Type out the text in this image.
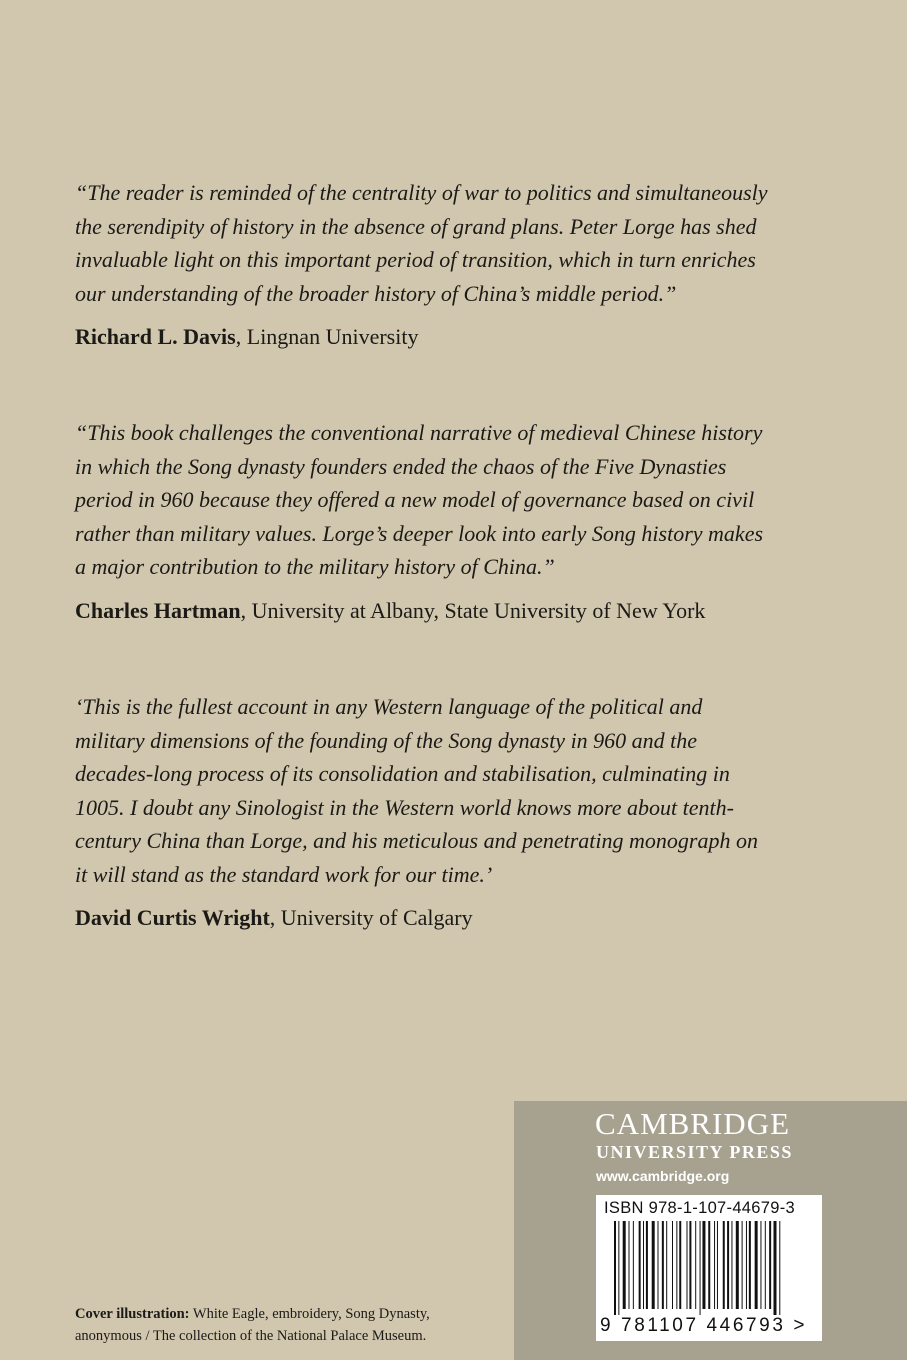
“The reader is reminded of the centrality of war to politics and simultaneously the serendipity of history in the absence of grand plans. Peter Lorge has shed invaluable light on this important period of transition, which in turn enriches our understanding of the broader history of China’s middle period.”

Richard L. Davis, Lingnan University

“This book challenges the conventional narrative of medieval Chinese history in which the Song dynasty founders ended the chaos of the Five Dynasties period in 960 because they offered a new model of governance based on civil rather than military values. Lorge’s deeper look into early Song history makes a major contribution to the military history of China.”

Charles Hartman, University at Albany, State University of New York

‘This is the fullest account in any Western language of the political and military dimensions of the founding of the Song dynasty in 960 and the decades-long process of its consolidation and stabilisation, culminating in 1005. I doubt any Sinologist in the Western world knows more about tenth-century China than Lorge, and his meticulous and penetrating monograph on it will stand as the standard work for our time.’

David Curtis Wright, University of Calgary
Cover illustration: White Eagle, embroidery, Song Dynasty, anonymous / The collection of the National Palace Museum.
CAMBRIDGE
UNIVERSITY PRESS
www.cambridge.org
ISBN 978-1-107-44679-3
9 781107 446793 >
